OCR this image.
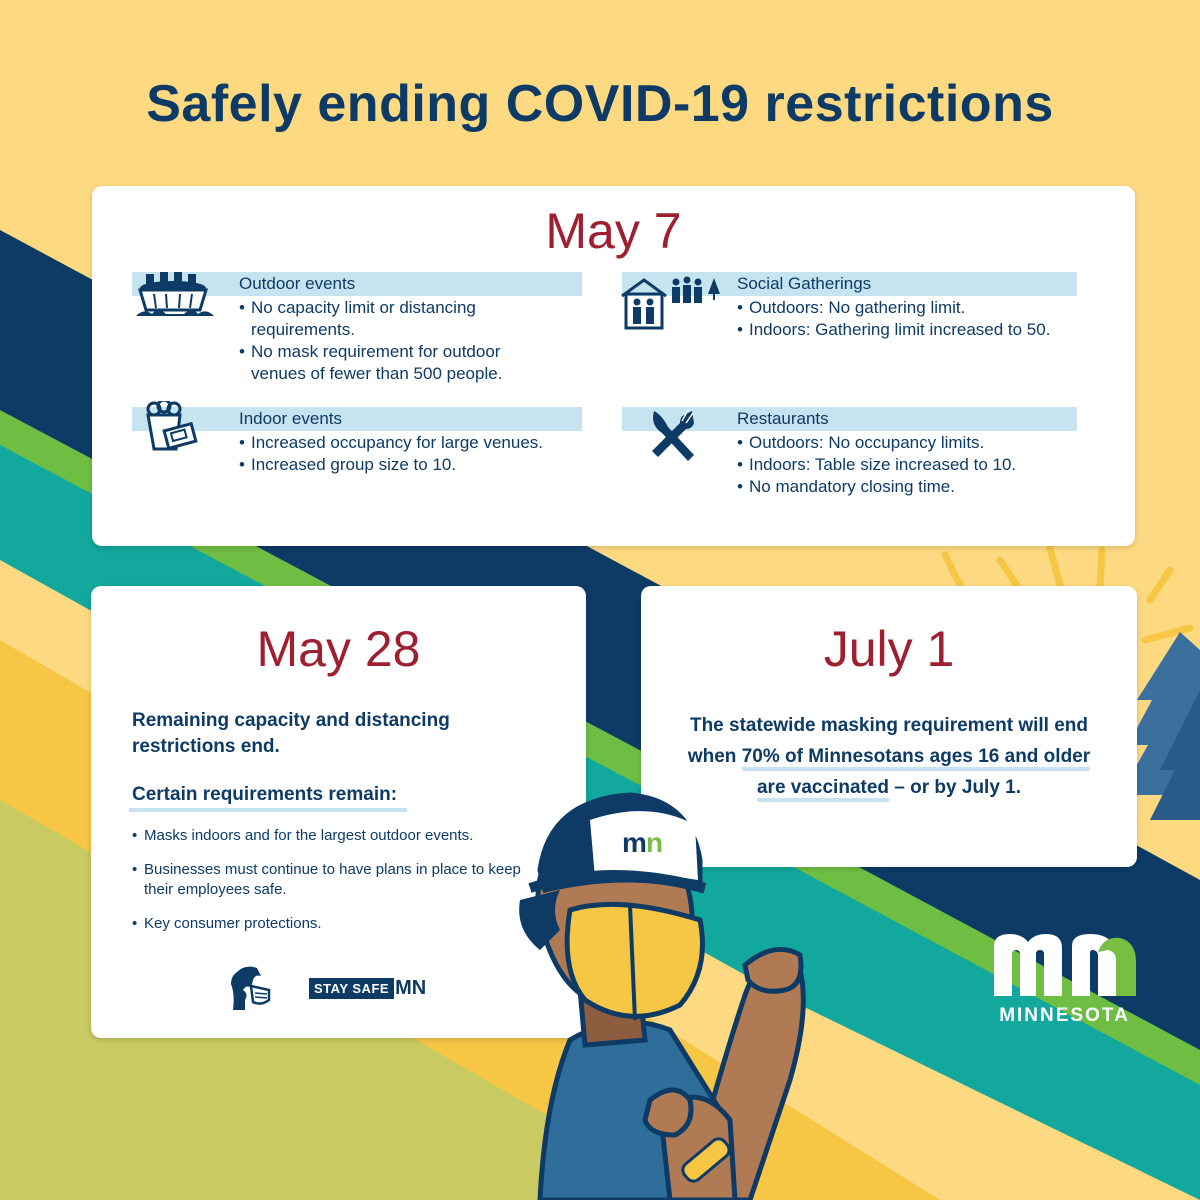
Safely ending COVID-19 restrictions
May 7
Outdoor events
• No capacity limit or distancing requirements.
• No mask requirement for outdoor venues of fewer than 500 people.
Social Gatherings
• Outdoors: No gathering limit.
• Indoors: Gathering limit increased to 50.
Indoor events
• Increased occupancy for large venues.
• Increased group size to 10.
Restaurants
• Outdoors: No occupancy limits.
• Indoors: Table size increased to 10.
• No mandatory closing time.
May 28
Remaining capacity and distancing restrictions end.
Certain requirements remain:
• Masks indoors and for the largest outdoor events.
• Businesses must continue to have plans in place to keep their employees safe.
• Key consumer protections.
STAY SAFE MN
July 1
The statewide masking requirement will end when 70% of Minnesotans ages 16 and older are vaccinated – or by July 1.
m n
MINNESOTA
